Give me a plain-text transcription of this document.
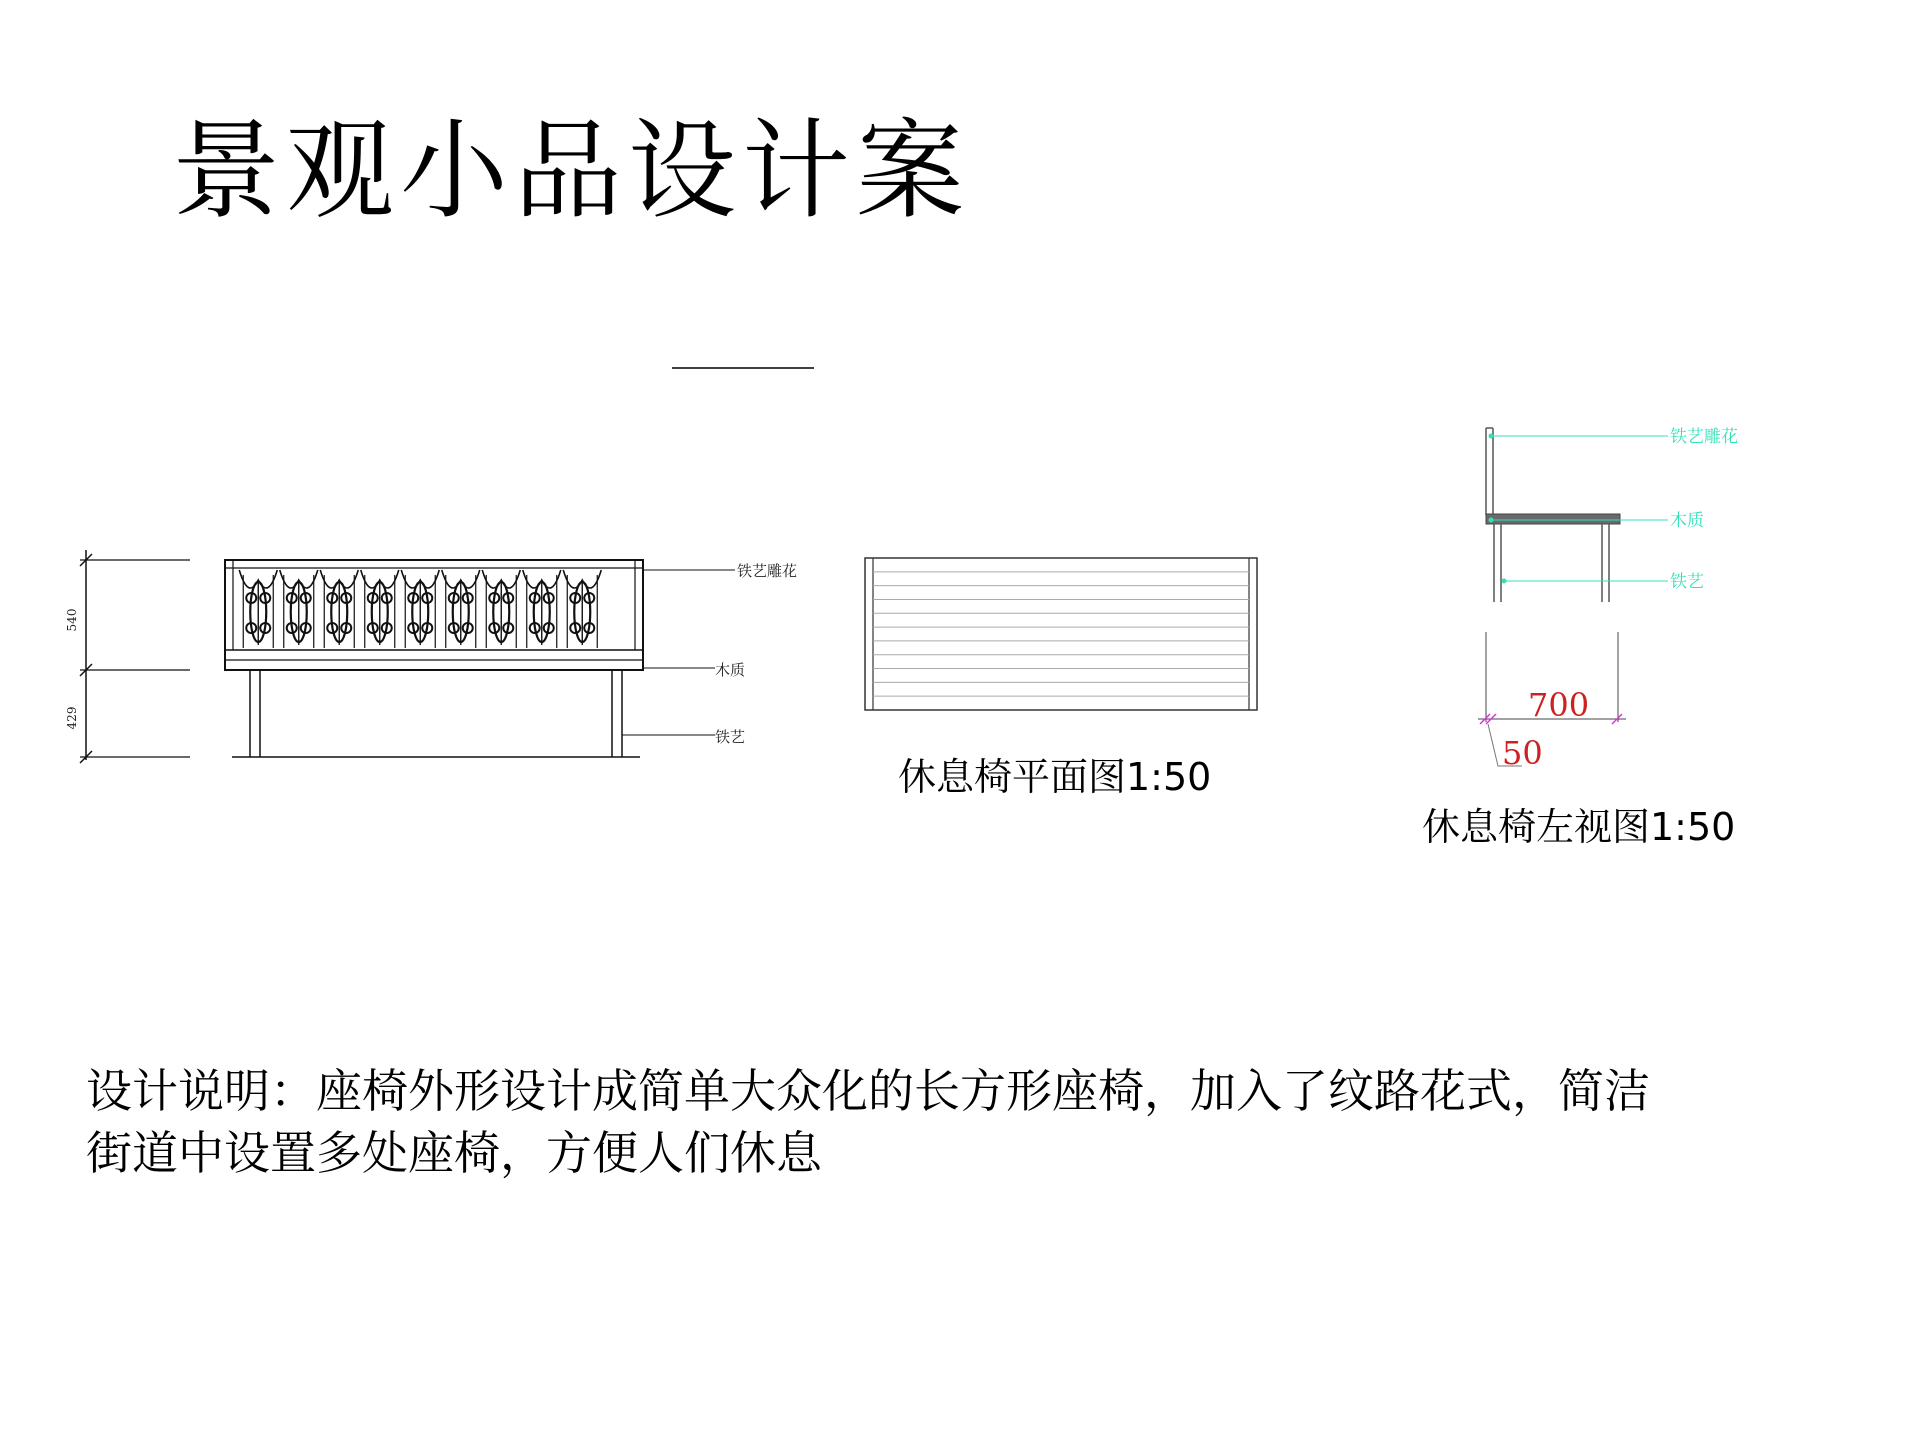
景观小品设计案
540
429
铁艺雕花
木质
铁艺
铁艺雕花
木质
铁艺
700
50
休息椅平面图1:50
休息椅左视图1:50
设计说明：座椅外形设计成简单大众化的长方形座椅，加入了纹路花式，简洁
街道中设置多处座椅，方便人们休息
